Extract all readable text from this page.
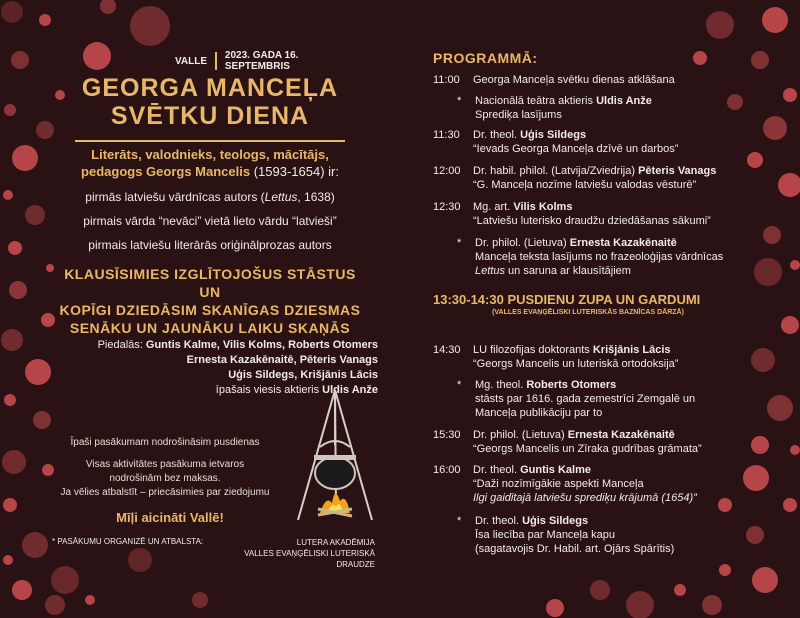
VALLE 2023. GADA 16. SEPTEMBRIS
GEORGA MANCEĻA
SVĒTKU DIENA
Literāts, valodnieks, teologs, mācītājs,
pedagogs Georgs Mancelis (1593-1654) ir:
pirmās latviešu vārdnīcas autors (Lettus, 1638)
pirmais vārda “nevāci” vietā lieto vārdu “latvieši”
pirmais latviešu literārās oriģinālprozas autors
KLAUSĪSIMIES IZGLĪTOJOŠUS STĀSTUS UN
KOPĪGI DZIEDĀSIM SKANĪGAS DZIESMAS
SENĀKU UN JAUNĀKU LAIKU SKAŅĀS
Piedalās: Guntis Kalme, Vilis Kolms, Roberts Otomers
Ernesta Kazakēnaitē, Pēteris Vanags
Uģis Sildegs, Krišjānis Lācis
īpašais viesis aktieris Uldis Anže
Īpaši pasākumam nodrošināsim pusdienas
Visas aktivitātes pasākuma ietvaros
nodrošinām bez maksas.
Ja vēlies atbalstīt – priecāsimies par ziedojumu
Mīļi aicināti Vallē!
* PASĀKUMU ORGANIZĒ UN ATBALSTA:	LUTERA AKADĒMIJA
VALLES EVAŅĢĒLISKI LUTERISKĀ DRAUDZE
PROGRAMMĀ:
11:00	Georga Manceļa svētku dienas atklāšana
* Nacionālā teātra aktieris Uldis Anže
Sprediķa lasījums
11:30	Dr. theol. Uģis Sildegs
“Ievads Georga Manceļa dzīvē un darbos”
12:00	Dr. habil. philol. (Latvija/Zviedrija) Pēteris Vanags
“G. Manceļa nozīme latviešu valodas vēsturē”
12:30	Mg. art. Vilis Kolms
“Latviešu luterisko draudžu dziedāšanas sākumi”
* Dr. philol. (Lietuva) Ernesta Kazakēnaitē
Manceļa teksta lasījums no frazeoloģijas vārdnīcas
Lettus un saruna ar klausītājiem
13:30-14:30 PUSDIENU ZUPA UN GARDUMI
(VALLES EVAŅĢĒLISKI LUTERISKĀS BAZNĪCAS DĀRZĀ)
14:30	LU filozofijas doktorants Krišjānis Lācis
“Georgs Mancelis un luteriskā ortodoksija”
* Mg. theol. Roberts Otomers
stāsts par 1616. gada zemestrīci Zemgalē un
Manceļa publikāciju par to
15:30	Dr. philol. (Lietuva) Ernesta Kazakēnaitē
“Georgs Mancelis un Zīraka gudrības grāmata”
16:00	Dr. theol. Guntis Kalme
“Daži nozīmīgākie aspekti Manceļa
Ilgi gaidītajā latviešu sprediķu krājumā (1654)”
* Dr. theol. Uģis Sildegs
Īsa liecība par Manceļa kapu
(sagatavojis Dr. Habil. art. Ojārs Spārītis)
